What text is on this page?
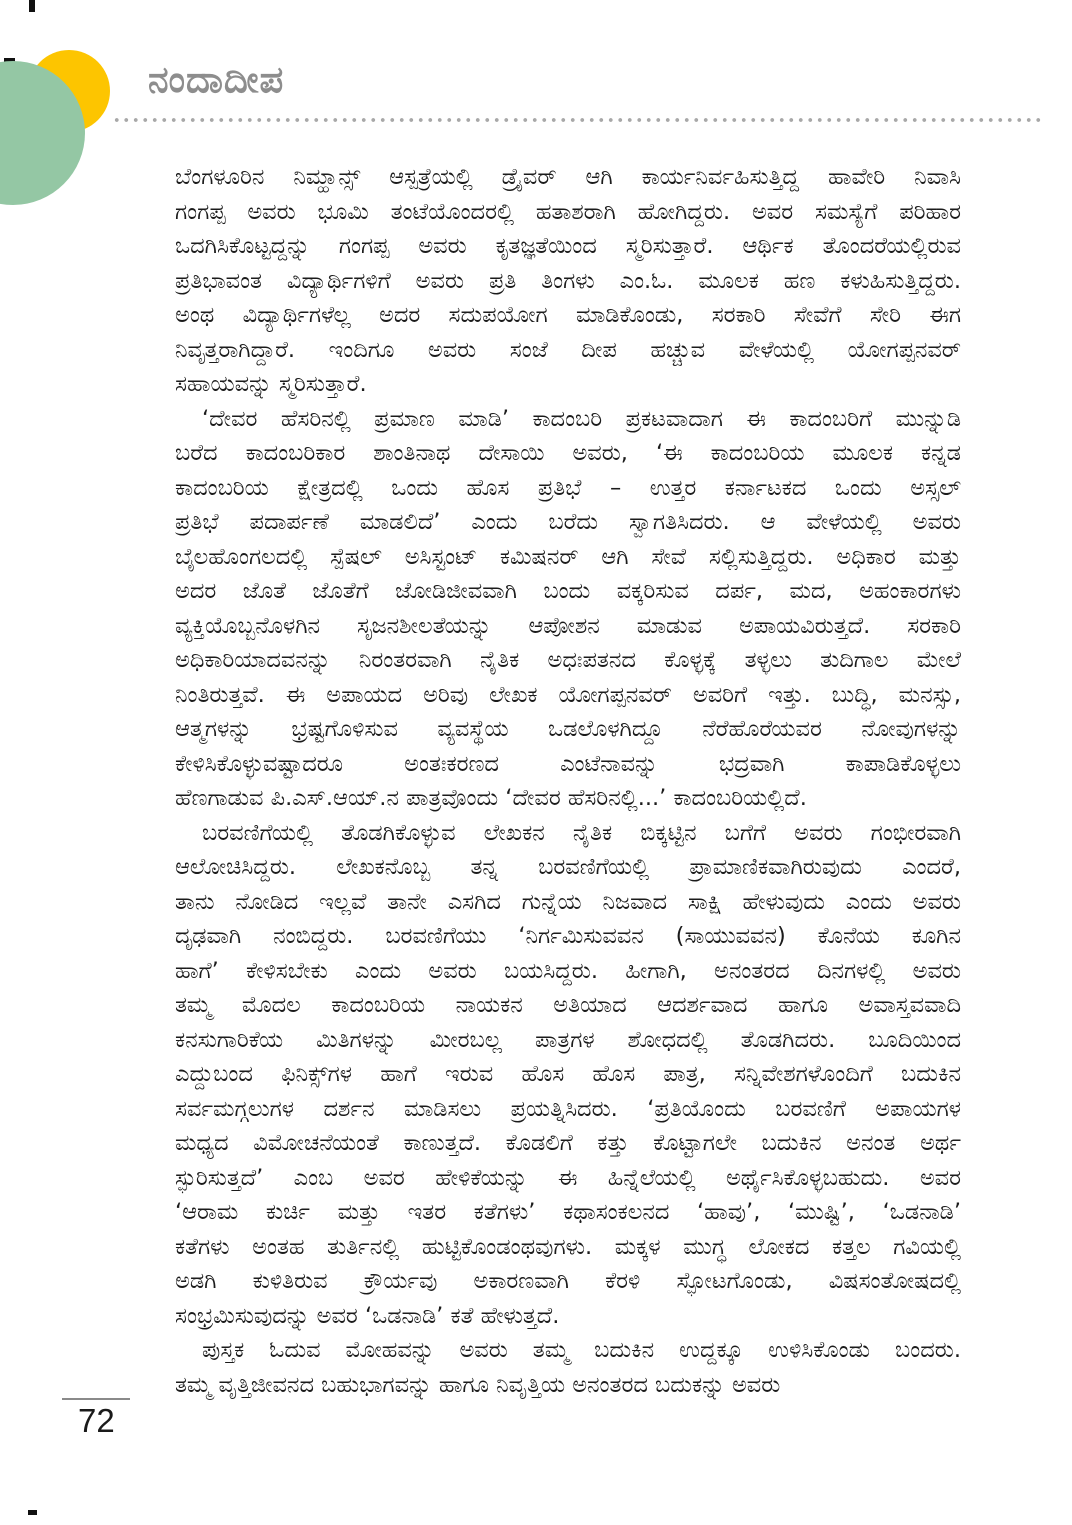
ನಂದಾದೀಪ
ಬೆಂಗಳೂರಿನ ನಿಮ್ಹಾನ್ಸ್ ಆಸ್ಪತ್ರೆಯಲ್ಲಿ ಡ್ರೈವರ್ ಆಗಿ ಕಾರ್ಯನಿರ್ವಹಿಸುತ್ತಿದ್ದ ಹಾವೇರಿ ನಿವಾಸಿ
ಗಂಗಪ್ಪ ಅವರು ಭೂಮಿ ತಂಟೆಯೊಂದರಲ್ಲಿ ಹತಾಶರಾಗಿ ಹೋಗಿದ್ದರು. ಅವರ ಸಮಸ್ಯೆಗೆ ಪರಿಹಾರ
ಒದಗಿಸಿಕೊಟ್ಟದ್ದನ್ನು ಗಂಗಪ್ಪ ಅವರು ಕೃತಜ್ಞತೆಯಿಂದ ಸ್ಮರಿಸುತ್ತಾರೆ. ಆರ್ಥಿಕ ತೊಂದರೆಯಲ್ಲಿರುವ
ಪ್ರತಿಭಾವಂತ ವಿದ್ಯಾರ್ಥಿಗಳಿಗೆ ಅವರು ಪ್ರತಿ ತಿಂಗಳು ಎಂ.ಓ. ಮೂಲಕ ಹಣ ಕಳುಹಿಸುತ್ತಿದ್ದರು.
ಅಂಥ ವಿದ್ಯಾರ್ಥಿಗಳೆಲ್ಲ ಅದರ ಸದುಪಯೋಗ ಮಾಡಿಕೊಂಡು, ಸರಕಾರಿ ಸೇವೆಗೆ ಸೇರಿ ಈಗ
ನಿವೃತ್ತರಾಗಿದ್ದಾರೆ. ಇಂದಿಗೂ ಅವರು ಸಂಜೆ ದೀಪ ಹಚ್ಚುವ ವೇಳೆಯಲ್ಲಿ ಯೋಗಪ್ಪನವರ್
ಸಹಾಯವನ್ನು ಸ್ಮರಿಸುತ್ತಾರೆ.
‘ದೇವರ ಹೆಸರಿನಲ್ಲಿ ಪ್ರಮಾಣ ಮಾಡಿ’ ಕಾದಂಬರಿ ಪ್ರಕಟವಾದಾಗ ಈ ಕಾದಂಬರಿಗೆ ಮುನ್ನುಡಿ
ಬರೆದ ಕಾದಂಬರಿಕಾರ ಶಾಂತಿನಾಥ ದೇಸಾಯಿ ಅವರು, ‘ಈ ಕಾದಂಬರಿಯ ಮೂಲಕ ಕನ್ನಡ
ಕಾದಂಬರಿಯ ಕ್ಷೇತ್ರದಲ್ಲಿ ಒಂದು ಹೊಸ ಪ್ರತಿಭೆ – ಉತ್ತರ ಕರ್ನಾಟಕದ ಒಂದು ಅಸ್ಸಲ್
ಪ್ರತಿಭೆ ಪದಾರ್ಪಣೆ ಮಾಡಲಿದೆ’ ಎಂದು ಬರೆದು ಸ್ವಾಗತಿಸಿದರು. ಆ ವೇಳೆಯಲ್ಲಿ ಅವರು
ಬೈಲಹೊಂಗಲದಲ್ಲಿ ಸ್ಪೆಷಲ್ ಅಸಿಸ್ಟಂಟ್ ಕಮಿಷನರ್ ಆಗಿ ಸೇವೆ ಸಲ್ಲಿಸುತ್ತಿದ್ದರು. ಅಧಿಕಾರ ಮತ್ತು
ಅದರ ಜೊತೆ ಜೊತೆಗೆ ಜೋಡಿಜೀವವಾಗಿ ಬಂದು ವಕ್ಕರಿಸುವ ದರ್ಪ, ಮದ, ಅಹಂಕಾರಗಳು
ವ್ಯಕ್ತಿಯೊಬ್ಬನೊಳಗಿನ ಸೃಜನಶೀಲತೆಯನ್ನು ಆಪೋಶನ ಮಾಡುವ ಅಪಾಯವಿರುತ್ತದೆ. ಸರಕಾರಿ
ಅಧಿಕಾರಿಯಾದವನನ್ನು ನಿರಂತರವಾಗಿ ನೈತಿಕ ಅಧಃಪತನದ ಕೊಳ್ಳಕ್ಕೆ ತಳ್ಳಲು ತುದಿಗಾಲ ಮೇಲೆ
ನಿಂತಿರುತ್ತವೆ. ಈ ಅಪಾಯದ ಅರಿವು ಲೇಖಕ ಯೋಗಪ್ಪನವರ್ ಅವರಿಗೆ ಇತ್ತು. ಬುದ್ಧಿ, ಮನಸ್ಸು,
ಆತ್ಮಗಳನ್ನು ಭ್ರಷ್ಟಗೊಳಿಸುವ ವ್ಯವಸ್ಥೆಯ ಒಡಲೊಳಗಿದ್ದೂ ನೆರೆಹೊರೆಯವರ ನೋವುಗಳನ್ನು
ಕೇಳಿಸಿಕೊಳ್ಳುವಷ್ಟಾದರೂ ಅಂತಃಕರಣದ ಎಂಟೆನಾವನ್ನು ಭದ್ರವಾಗಿ ಕಾಪಾಡಿಕೊಳ್ಳಲು
ಹೆಣಗಾಡುವ ಪಿ.ಎಸ್.ಆಯ್.ನ ಪಾತ್ರವೊಂದು ‘ದೇವರ ಹೆಸರಿನಲ್ಲಿ...’ ಕಾದಂಬರಿಯಲ್ಲಿದೆ.
ಬರವಣಿಗೆಯಲ್ಲಿ ತೊಡಗಿಕೊಳ್ಳುವ ಲೇಖಕನ ನೈತಿಕ ಬಿಕ್ಕಟ್ಟಿನ ಬಗೆಗೆ ಅವರು ಗಂಭೀರವಾಗಿ
ಆಲೋಚಿಸಿದ್ದರು. ಲೇಖಕನೊಬ್ಬ ತನ್ನ ಬರವಣಿಗೆಯಲ್ಲಿ ಪ್ರಾಮಾಣಿಕವಾಗಿರುವುದು ಎಂದರೆ,
ತಾನು ನೋಡಿದ ಇಲ್ಲವೆ ತಾನೇ ಎಸಗಿದ ಗುನ್ನೆಯ ನಿಜವಾದ ಸಾಕ್ಷಿ ಹೇಳುವುದು ಎಂದು ಅವರು
ದೃಢವಾಗಿ ನಂಬಿದ್ದರು. ಬರವಣಿಗೆಯು ‘ನಿರ್ಗಮಿಸುವವನ (ಸಾಯುವವನ) ಕೊನೆಯ ಕೂಗಿನ
ಹಾಗೆ’ ಕೇಳಿಸಬೇಕು ಎಂದು ಅವರು ಬಯಸಿದ್ದರು. ಹೀಗಾಗಿ, ಅನಂತರದ ದಿನಗಳಲ್ಲಿ ಅವರು
ತಮ್ಮ ಮೊದಲ ಕಾದಂಬರಿಯ ನಾಯಕನ ಅತಿಯಾದ ಆದರ್ಶವಾದ ಹಾಗೂ ಅವಾಸ್ತವವಾದಿ
ಕನಸುಗಾರಿಕೆಯ ಮಿತಿಗಳನ್ನು ಮೀರಬಲ್ಲ ಪಾತ್ರಗಳ ಶೋಧದಲ್ಲಿ ತೊಡಗಿದರು. ಬೂದಿಯಿಂದ
ಎದ್ದುಬಂದ ಫಿನಿಕ್ಸ್‌ಗಳ ಹಾಗೆ ಇರುವ ಹೊಸ ಹೊಸ ಪಾತ್ರ, ಸನ್ನಿವೇಶಗಳೊಂದಿಗೆ ಬದುಕಿನ
ಸರ್ವಮಗ್ಗಲುಗಳ ದರ್ಶನ ಮಾಡಿಸಲು ಪ್ರಯತ್ನಿಸಿದರು. ‘ಪ್ರತಿಯೊಂದು ಬರವಣಿಗೆ ಅಪಾಯಗಳ
ಮಧ್ಯದ ವಿಮೋಚನೆಯಂತೆ ಕಾಣುತ್ತದೆ. ಕೊಡಲಿಗೆ ಕತ್ತು ಕೊಟ್ಟಾಗಲೇ ಬದುಕಿನ ಅನಂತ ಅರ್ಥ
ಸ್ಫುರಿಸುತ್ತದೆ’ ಎಂಬ ಅವರ ಹೇಳಿಕೆಯನ್ನು ಈ ಹಿನ್ನೆಲೆಯಲ್ಲಿ ಅರ್ಥೈಸಿಕೊಳ್ಳಬಹುದು. ಅವರ
‘ಆರಾಮ ಕುರ್ಚಿ ಮತ್ತು ಇತರ ಕತೆಗಳು’ ಕಥಾಸಂಕಲನದ ‘ಹಾವು’, ‘ಮುಷ್ಟಿ’, ‘ಒಡನಾಡಿ’
ಕತೆಗಳು ಅಂತಹ ತುರ್ತಿನಲ್ಲಿ ಹುಟ್ಟಿಕೊಂಡಂಥವುಗಳು. ಮಕ್ಕಳ ಮುಗ್ಧ ಲೋಕದ ಕತ್ತಲ ಗವಿಯಲ್ಲಿ
ಅಡಗಿ ಕುಳಿತಿರುವ ಕ್ರೌರ್ಯವು ಅಕಾರಣವಾಗಿ ಕೆರಳಿ ಸ್ಫೋಟಗೊಂಡು, ವಿಷಸಂತೋಷದಲ್ಲಿ
ಸಂಭ್ರಮಿಸುವುದನ್ನು ಅವರ ‘ಒಡನಾಡಿ’ ಕತೆ ಹೇಳುತ್ತದೆ.
ಪುಸ್ತಕ ಓದುವ ಮೋಹವನ್ನು ಅವರು ತಮ್ಮ ಬದುಕಿನ ಉದ್ದಕ್ಕೂ ಉಳಿಸಿಕೊಂಡು ಬಂದರು.
ತಮ್ಮ ವೃತ್ತಿಜೀವನದ ಬಹುಭಾಗವನ್ನು ಹಾಗೂ ನಿವೃತ್ತಿಯ ಅನಂತರದ ಬದುಕನ್ನು ಅವರು
72
